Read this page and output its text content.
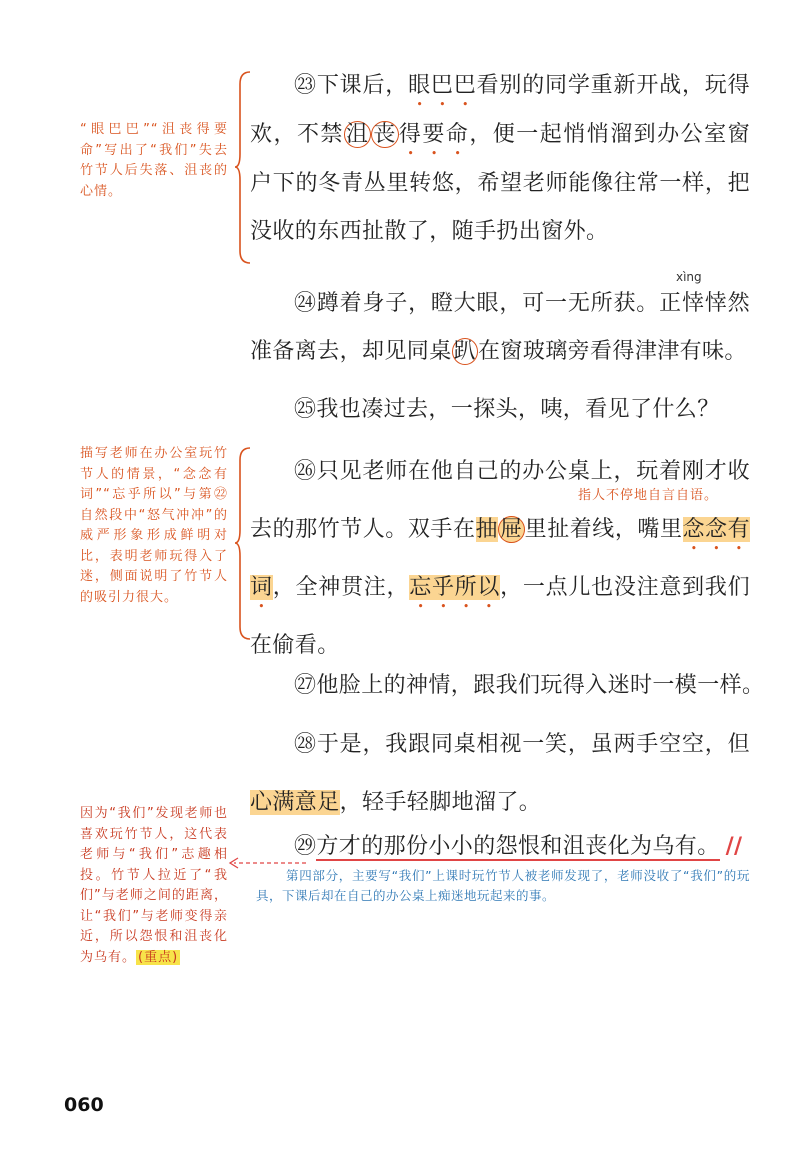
“眼巴巴”“沮丧得要命”写出了“我们”失去竹节人后失落、沮丧的心情。
描写老师在办公室玩竹节人的情景，“念念有词”“忘乎所以”与第㉒自然段中“怒气冲冲”的威严形象形成鲜明对比，表明老师玩得入了迷，侧面说明了竹节人的吸引力很大。
因为“我们”发现老师也喜欢玩竹节人，这代表老师与“我们”志趣相投。竹节人拉近了“我们”与老师之间的距离，让“我们”与老师变得亲近，所以怨恨和沮丧化为乌有。 (重点)
㉓下课后，眼巴巴看别的同学重新开战，玩得欢，不禁沮 丧得要命，便一起悄悄溜到办公室窗户下的冬青丛里转悠，希望老师能像往常一样，把没收的东西扯散了，随手扔出窗外。
xìng
㉔蹲着身子，瞪大眼，可一无所获。正悻悻然准备离去，却见同桌趴在窗玻璃旁看得津津有味。
㉕我也凑过去，一探头，咦，看见了什么？
指人不停地自言自语。
㉖只见老师在他自己的办公桌上，玩着刚才收去的那竹节人。双手在抽屉里扯着线，嘴里念念有词，全神贯注，忘乎所以，一点儿也没注意到我们在偷看。
㉗他脸上的神情，跟我们玩得入迷时一模一样。
㉘于是，我跟同桌相视一笑，虽两手空空，但心满意足，轻手轻脚地溜了。
㉙方才的那份小小的怨恨和沮丧化为乌有。 //
第四部分，主要写“我们”上课时玩竹节人被老师发现了，老师没收了“我们”的玩具，下课后却在自己的办公桌上痴迷地玩起来的事。
060
